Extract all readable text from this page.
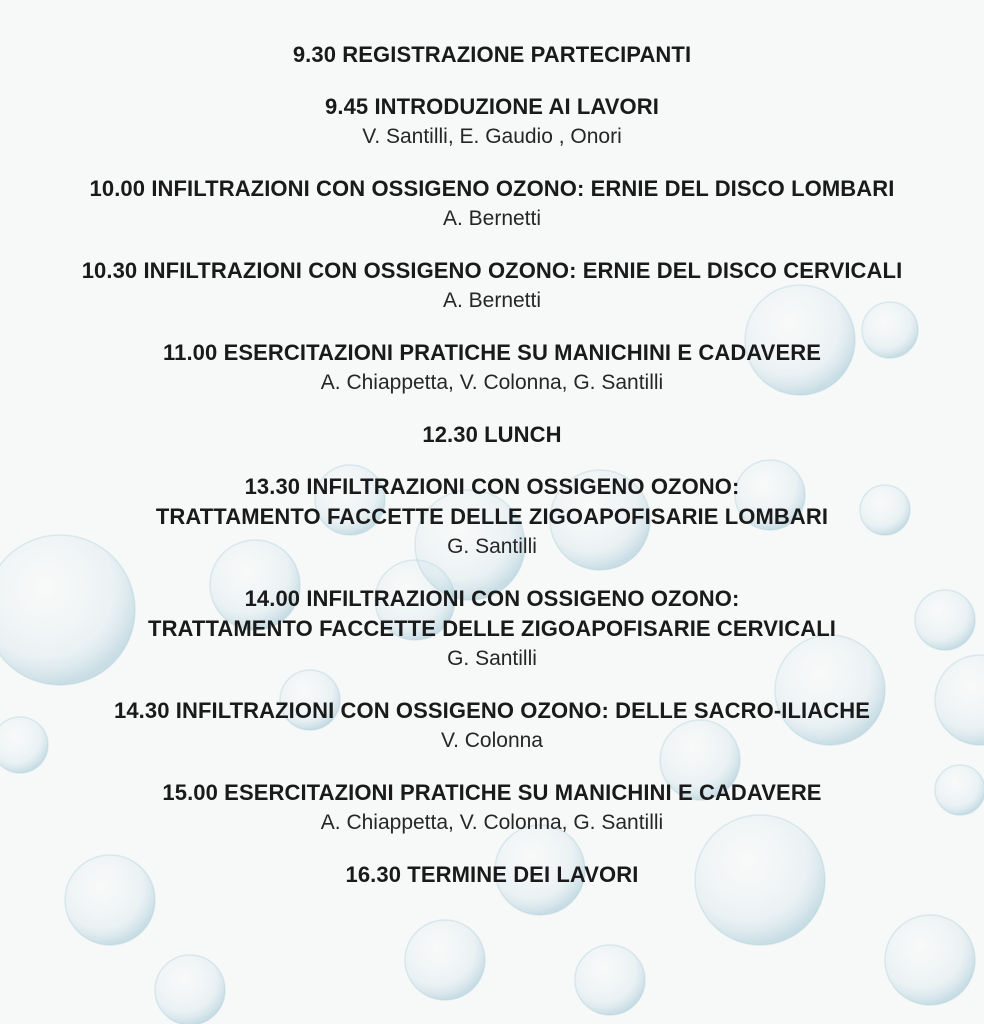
9.30 REGISTRAZIONE PARTECIPANTI
9.45 INTRODUZIONE AI LAVORI
V. Santilli, E. Gaudio , Onori
10.00 INFILTRAZIONI CON OSSIGENO OZONO: ERNIE DEL DISCO LOMBARI
A. Bernetti
10.30 INFILTRAZIONI CON OSSIGENO OZONO: ERNIE DEL DISCO CERVICALI
A. Bernetti
11.00 ESERCITAZIONI PRATICHE SU MANICHINI E CADAVERE
A. Chiappetta, V. Colonna, G. Santilli
12.30 LUNCH
13.30 INFILTRAZIONI CON OSSIGENO OZONO:
TRATTAMENTO FACCETTE DELLE ZIGOAPOFISARIE LOMBARI
G. Santilli
14.00 INFILTRAZIONI CON OSSIGENO OZONO:
TRATTAMENTO FACCETTE DELLE ZIGOAPOFISARIE CERVICALI
G. Santilli
14.30 INFILTRAZIONI CON OSSIGENO OZONO: DELLE SACRO-ILIACHE
V. Colonna
15.00 ESERCITAZIONI PRATICHE SU MANICHINI E CADAVERE
A. Chiappetta, V. Colonna, G. Santilli
16.30 TERMINE DEI LAVORI
